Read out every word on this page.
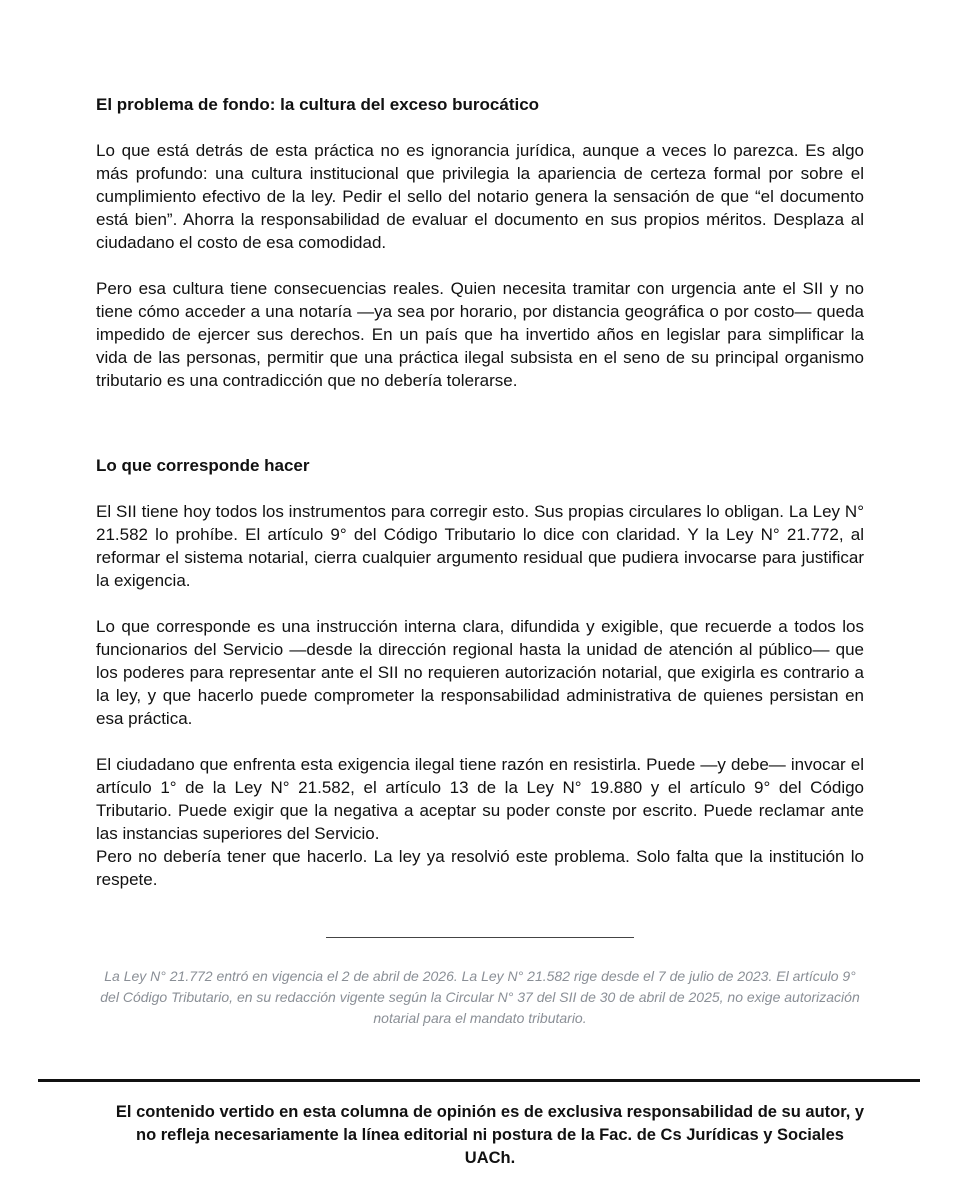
El problema de fondo: la cultura del exceso burocático

Lo que está detrás de esta práctica no es ignorancia jurídica, aunque a veces lo parezca. Es algo más profundo: una cultura institucional que privilegia la apariencia de certeza formal por sobre el cumplimiento efectivo de la ley. Pedir el sello del notario genera la sensación de que “el documento está bien”. Ahorra la responsabilidad de evaluar el documento en sus propios méritos. Desplaza al ciudadano el costo de esa comodidad.

Pero esa cultura tiene consecuencias reales. Quien necesita tramitar con urgencia ante el SII y no tiene cómo acceder a una notaría —ya sea por horario, por distancia geográfica o por costo— queda impedido de ejercer sus derechos. En un país que ha invertido años en legislar para simplificar la vida de las personas, permitir que una práctica ilegal subsista en el seno de su principal organismo tributario es una contradicción que no debería tolerarse.

Lo que corresponde hacer

El SII tiene hoy todos los instrumentos para corregir esto. Sus propias circulares lo obligan. La Ley N° 21.582 lo prohíbe. El artículo 9° del Código Tributario lo dice con claridad. Y la Ley N° 21.772, al reformar el sistema notarial, cierra cualquier argumento residual que pudiera invocarse para justificar la exigencia.

Lo que corresponde es una instrucción interna clara, difundida y exigible, que recuerde a todos los funcionarios del Servicio —desde la dirección regional hasta la unidad de atención al público— que los poderes para representar ante el SII no requieren autorización notarial, que exigirla es contrario a la ley, y que hacerlo puede comprometer la responsabilidad administrativa de quienes persistan en esa práctica.

El ciudadano que enfrenta esta exigencia ilegal tiene razón en resistirla. Puede —y debe— invocar el artículo 1° de la Ley N° 21.582, el artículo 13 de la Ley N° 19.880 y el artículo 9° del Código Tributario. Puede exigir que la negativa a aceptar su poder conste por escrito. Puede reclamar ante las instancias superiores del Servicio.

Pero no debería tener que hacerlo. La ley ya resolvió este problema. Solo falta que la institución lo respete.

La Ley N° 21.772 entró en vigencia el 2 de abril de 2026. La Ley N° 21.582 rige desde el 7 de julio de 2023. El artículo 9° del Código Tributario, en su redacción vigente según la Circular N° 37 del SII de 30 de abril de 2025, no exige autorización notarial para el mandato tributario.

El contenido vertido en esta columna de opinión es de exclusiva responsabilidad de su autor, y no refleja necesariamente la línea editorial ni postura de la Fac. de Cs Jurídicas y Sociales UACh.
